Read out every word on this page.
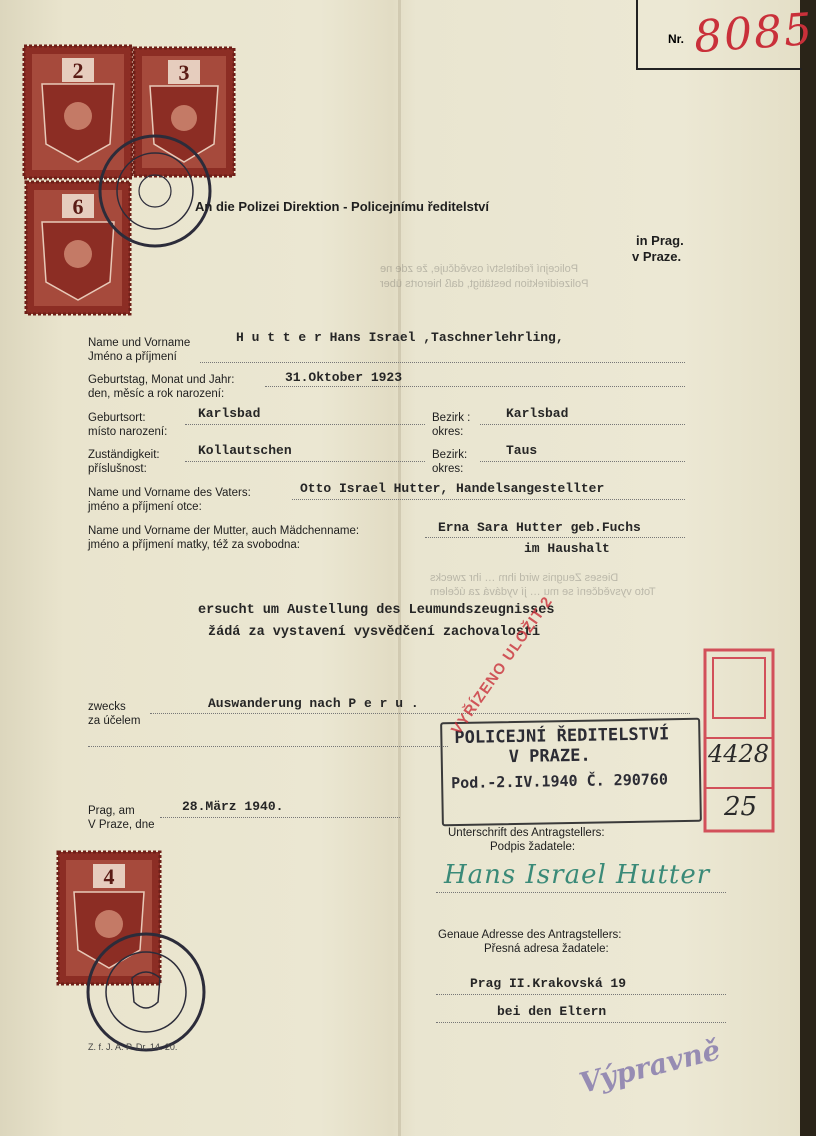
Policejní ředitelství osvědčuje, že zde ne
Polizeidirektion bestätigt, daß hierorts über
Dieses Zeugnis wird ihm … ihr zwecks
Toto vysvědčení se mu … jí vydává za účelem
Nr. 8085
2	3
6	An die Polizei Direktion - Policejnímu ředitelství
in Prag.
v Praze.
Name und Vorname
Jméno a příjmení
H u t t e r Hans Israel ,Taschnerlehrling,
Geburtstag, Monat und Jahr:
den, měsíc a rok narození:
31.Oktober 1923
Geburtsort:
místo narození:
Karlsbad	Bezirk :
okres:
Karlsbad
Zuständigkeit:
příslušnost:
Kollautschen	Bezirk:
okres:
Taus
Name und Vorname des Vaters:
jméno a příjmení otce:
Otto Israel Hutter, Handelsangestellter
Name und Vorname der Mutter, auch Mädchenname:
jméno a příjmení matky, též za svobodna:
Erna Sara Hutter geb.Fuchs
im Haushalt
ersucht um Austellung des Leumundszeugnisses
žádá za vystavení vysvědčení zachovalosti
zwecks
za účelem
Auswanderung nach P e r u .
Prag, am
V Praze, dne
28.März 1940.
POLICEJNÍ ŘEDITELSTVÍ
V PRAZE.
Pod.-2.IV.1940 Č. 290760
VYŘÍZENO ULOŽIT 2
4428
25
Unterschrift des Antragstellers:
Podpis žadatele:
Hans Israel Hutter
Genaue Adresse des Antragstellers:
Přesná adresa žadatele:
Prag II.Krakovská 19
bei den Eltern
Výpravně
4
Z. f. J. A. P. Dr. 14. 20.
